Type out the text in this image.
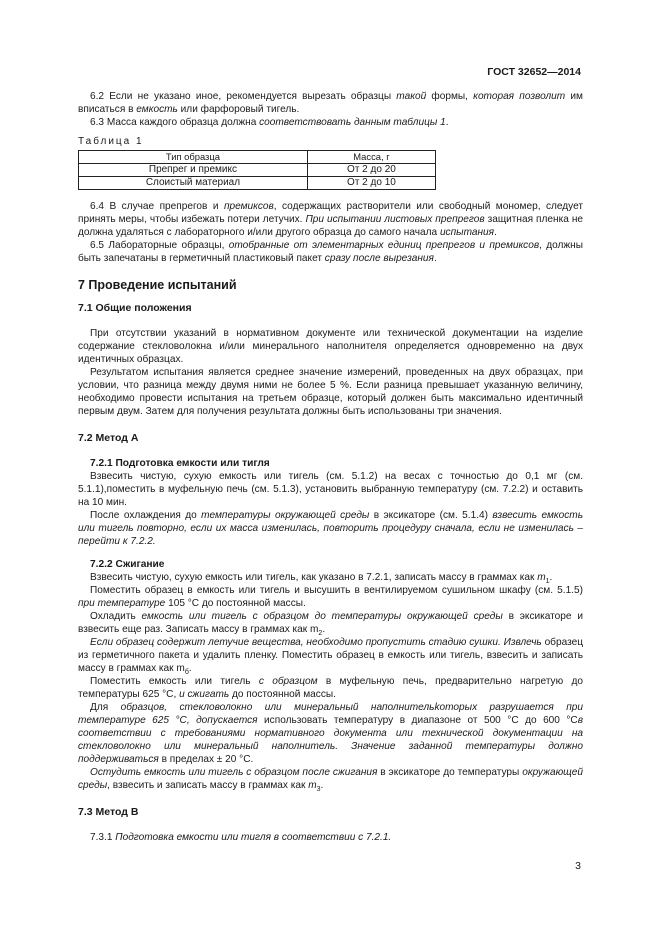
ГОСТ 32652—2014

6.2 Если не указано иное, рекомендуется вырезать образцы такой формы, которая позволит им вписаться в емкость или фарфоровый тигель.

6.3 Масса каждого образца должна соответствовать данным таблицы 1.

Таблица 1
Тип образца	Масса, г
Препрег и премикс	От 2 до 20
Слоистый материал	От 2 до 10

6.4 В случае препрегов и премиксов, содержащих растворители или свободный мономер, следует принять меры, чтобы избежать потери летучих. При испытании листовых препрегов защитная пленка не должна удаляться с лабораторного и/или другого образца до самого начала испытания.

6.5 Лабораторные образцы, отобранные от элементарных единиц препрегов и премиксов, должны быть запечатаны в герметичный пластиковый пакет сразу после вырезания.

7 Проведение испытаний
7.1 Общие положения

При отсутствии указаний в нормативном документе или технической документации на изделие содержание стекловолокна и/или минерального наполнителя определяется одновременно на двух идентичных образцах.

Результатом испытания является среднее значение измерений, проведенных на двух образцах, при условии, что разница между двумя ними не более 5 %. Если разница превышает указанную величину, необходимо провести испытания на третьем образце, который должен быть максимально идентичный первым двум. Затем для получения результата должны быть использованы три значения.

7.2 Метод А
7.2.1 Подготовка емкости или тигля

Взвесить чистую, сухую емкость или тигель (см. 5.1.2) на весах с точностью до 0,1 мг (см. 5.1.1),поместить в муфельную печь (см. 5.1.3), установить выбранную температуру (см. 7.2.2) и оставить на 10 мин.

После охлаждения до температуры окружающей среды в эксикаторе (см. 5.1.4) взвесить емкость или тигель повторно, если их масса изменилась, повторить процедуру сначала, если не изменилась – перейти к 7.2.2.

7.2.2 Сжигание

Взвесить чистую, сухую емкость или тигель, как указано в 7.2.1, записать массу в граммах как $m_1$.

Поместить образец в емкость или тигель и высушить в вентилируемом сушильном шкафу (см. 5.1.5) при температуре 105 °С до постоянной массы.

Охладить емкость или тигель с образцом до температуры окружающей среды в эксикаторе и взвесить еще раз. Записать массу в граммах как $m_2$.

Если образец содержит летучие вещества, необходимо пропустить стадию сушки. Извлечь образец из герметичного пакета и удалить пленку. Поместить образец в емкость или тигель, взвесить и записать массу в граммах как $m_б$.

Поместить емкость или тигель с образцом в муфельную печь, предварительно нагретую до температуры 625 °С, и сжигать до постоянной массы.

Для образцов, стекловолокно или минеральный наполнительkоторых разрушается при температуре 625 °С, допускается использовать температуру в диапазоне от 500 °С до 600 °Св соответствии с требованиями нормативного документа или технической документации на стекловолокно или минеральный наполнитель. Значение заданной температуры должно поддерживаться в пределах ± 20 °С.

Остудить емкость или тигель с образцом после сжигания в эксикаторе до температуры окружающей среды, взвесить и записать массу в граммах как $m_3$.

7.3 Метод В

7.3.1 Подготовка емкости или тигля в соответствии с 7.2.1.

3
